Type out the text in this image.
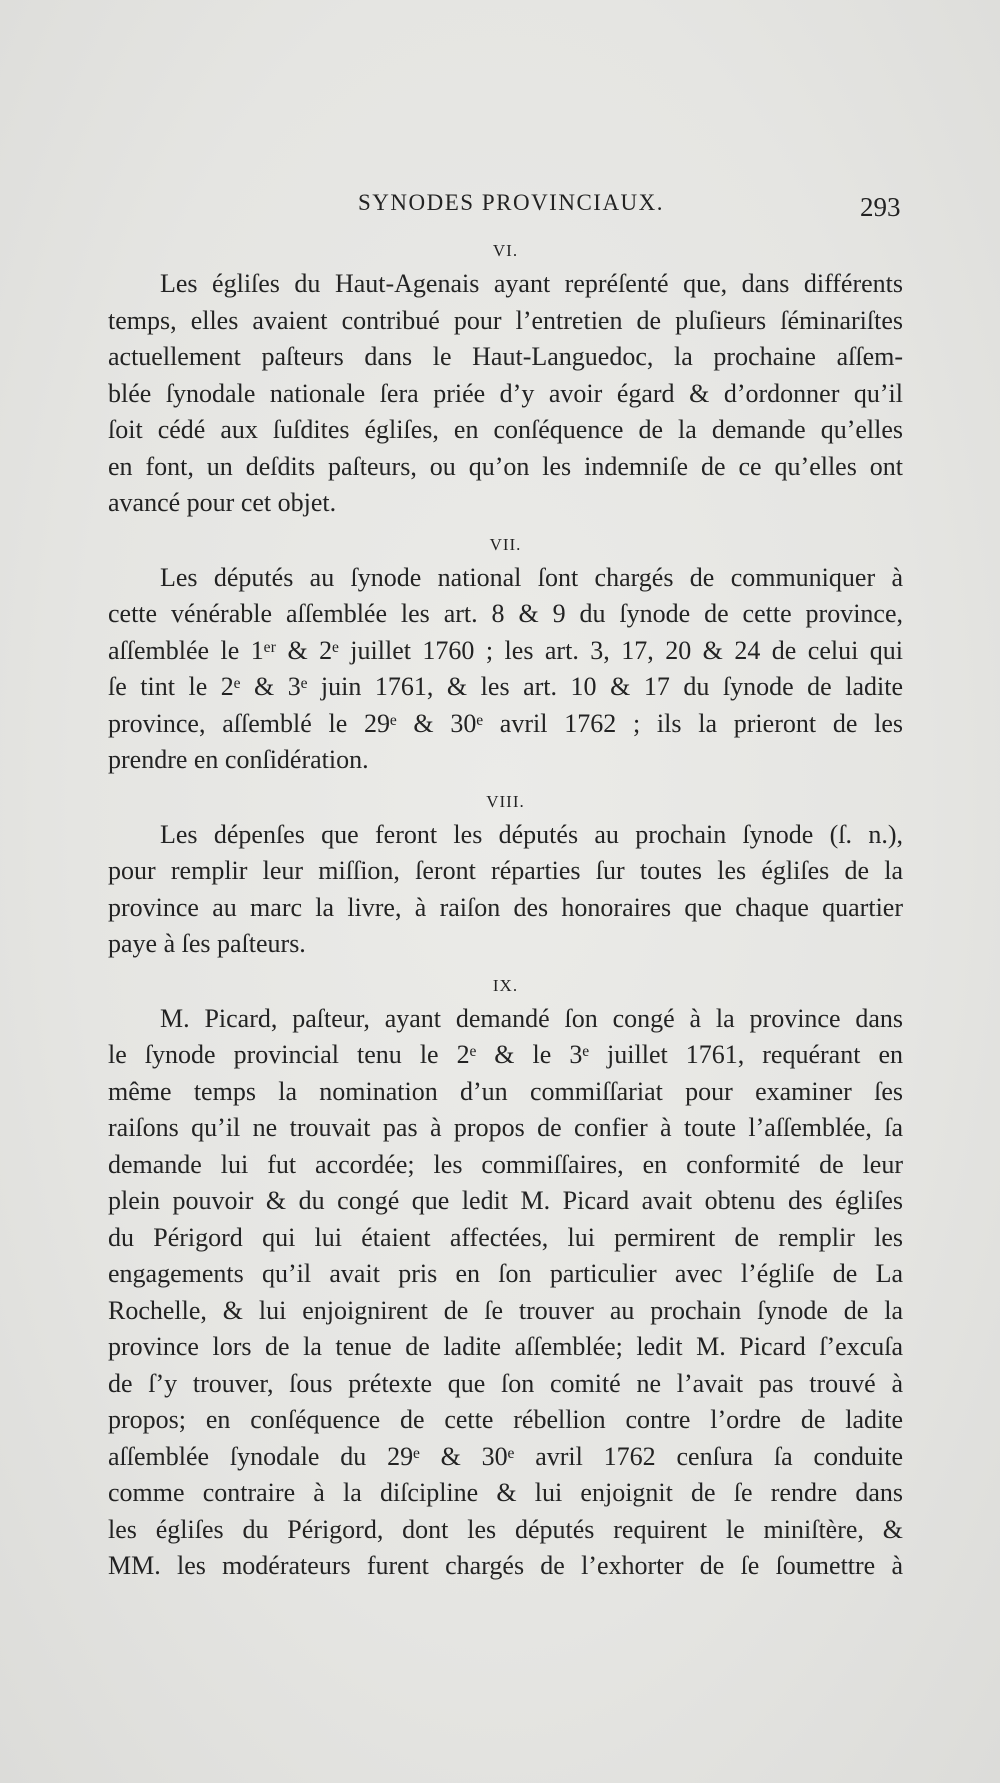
SYNODES PROVINCIAUX.	293
VI.
Les égliſes du Haut-Agenais ayant repréſenté que, dans différents
temps, elles avaient contribué pour l’entretien de pluſieurs ſéminariſtes
actuellement paſteurs dans le Haut-Languedoc, la prochaine aſſem-
blée ſynodale nationale ſera priée d’y avoir égard & d’ordonner qu’il
ſoit cédé aux ſuſdites égliſes, en conſéquence de la demande qu’elles
en font, un deſdits paſteurs, ou qu’on les indemniſe de ce qu’elles ont
avancé pour cet objet.
VII.
Les députés au ſynode national ſont chargés de communiquer à
cette vénérable aſſemblée les art. 8 & 9 du ſynode de cette province,
aſſemblée le 1ᵉʳ & 2ᵉ juillet 1760 ; les art. 3, 17, 20 & 24 de celui qui
ſe tint le 2ᵉ & 3ᵉ juin 1761, & les art. 10 & 17 du ſynode de ladite
province, aſſemblé le 29ᵉ & 30ᵉ avril 1762 ; ils la prieront de les
prendre en conſidération.
VIII.
Les dépenſes que feront les députés au prochain ſynode (ſ. n.),
pour remplir leur miſſion, ſeront réparties ſur toutes les égliſes de la
province au marc la livre, à raiſon des honoraires que chaque quartier
paye à ſes paſteurs.
IX.
M. Picard, paſteur, ayant demandé ſon congé à la province dans
le ſynode provincial tenu le 2ᵉ & le 3ᵉ juillet 1761, requérant en
même temps la nomination d’un commiſſariat pour examiner ſes
raiſons qu’il ne trouvait pas à propos de confier à toute l’aſſemblée, ſa
demande lui fut accordée; les commiſſaires, en conformité de leur
plein pouvoir & du congé que ledit M. Picard avait obtenu des égliſes
du Périgord qui lui étaient affectées, lui permirent de remplir les
engagements qu’il avait pris en ſon particulier avec l’égliſe de La
Rochelle, & lui enjoignirent de ſe trouver au prochain ſynode de la
province lors de la tenue de ladite aſſemblée; ledit M. Picard ſ’excuſa
de ſ’y trouver, ſous prétexte que ſon comité ne l’avait pas trouvé à
propos; en conſéquence de cette rébellion contre l’ordre de ladite
aſſemblée ſynodale du 29ᵉ & 30ᵉ avril 1762 cenſura ſa conduite
comme contraire à la diſcipline & lui enjoignit de ſe rendre dans
les égliſes du Périgord, dont les députés requirent le miniſtère, &
MM. les modérateurs furent chargés de l’exhorter de ſe ſoumettre à
